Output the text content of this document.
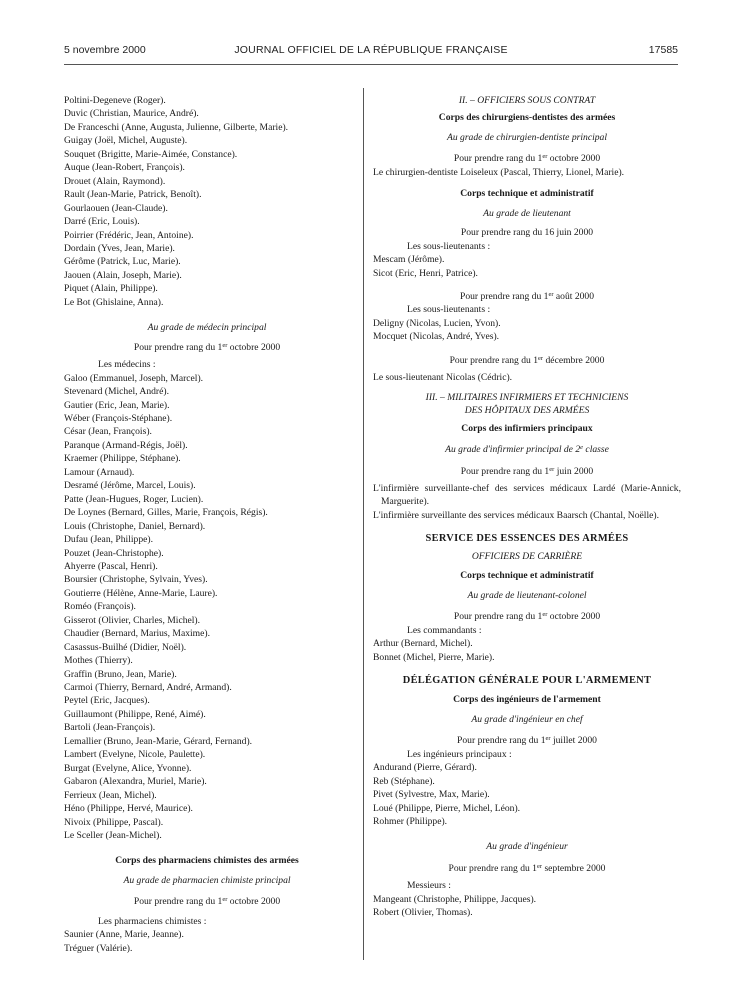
5 novembre 2000	JOURNAL OFFICIEL DE LA RÉPUBLIQUE FRANÇAISE	17585

Poltini-Degeneve (Roger).

Duvic (Christian, Maurice, André).

De Franceschi (Anne, Augusta, Julienne, Gilberte, Marie).

Guigay (Joël, Michel, Auguste).

Souquet (Brigitte, Marie-Aimée, Constance).

Auque (Jean-Robert, François).

Drouet (Alain, Raymond).

Rault (Jean-Marie, Patrick, Benoît).

Gourlaouen (Jean-Claude).

Darré (Eric, Louis).

Poirrier (Frédéric, Jean, Antoine).

Dordain (Yves, Jean, Marie).

Gérôme (Patrick, Luc, Marie).

Jaouen (Alain, Joseph, Marie).

Piquet (Alain, Philippe).

Le Bot (Ghislaine, Anna).

Au grade de médecin principal

Pour prendre rang du 1er octobre 2000

Les médecins :

Galoo (Emmanuel, Joseph, Marcel).

Stevenard (Michel, André).

Gautier (Eric, Jean, Marie).

Wéber (François-Stéphane).

César (Jean, François).

Paranque (Armand-Régis, Joël).

Kraemer (Philippe, Stéphane).

Lamour (Arnaud).

Desramé (Jérôme, Marcel, Louis).

Patte (Jean-Hugues, Roger, Lucien).

De Loynes (Bernard, Gilles, Marie, François, Régis).

Louis (Christophe, Daniel, Bernard).

Dufau (Jean, Philippe).

Pouzet (Jean-Christophe).

Ahyerre (Pascal, Henri).

Boursier (Christophe, Sylvain, Yves).

Goutierre (Hélène, Anne-Marie, Laure).

Roméo (François).

Gisserot (Olivier, Charles, Michel).

Chaudier (Bernard, Marius, Maxime).

Casassus-Builhé (Didier, Noël).

Mothes (Thierry).

Graffin (Bruno, Jean, Marie).

Carmoi (Thierry, Bernard, André, Armand).

Peytel (Eric, Jacques).

Guillaumont (Philippe, René, Aimé).

Bartoli (Jean-François).

Lemallier (Bruno, Jean-Marie, Gérard, Fernand).

Lambert (Evelyne, Nicole, Paulette).

Burgat (Evelyne, Alice, Yvonne).

Gabaron (Alexandra, Muriel, Marie).

Ferrieux (Jean, Michel).

Héno (Philippe, Hervé, Maurice).

Nivoix (Philippe, Pascal).

Le Sceller (Jean-Michel).

Corps des pharmaciens chimistes des armées

Au grade de pharmacien chimiste principal

Pour prendre rang du 1er octobre 2000

Les pharmaciens chimistes :

Saunier (Anne, Marie, Jeanne).

Tréguer (Valérie).

II. – OFFICIERS SOUS CONTRAT

Corps des chirurgiens-dentistes des armées

Au grade de chirurgien-dentiste principal

Pour prendre rang du 1er octobre 2000

Le chirurgien-dentiste Loiseleux (Pascal, Thierry, Lionel, Marie).

Corps technique et administratif

Au grade de lieutenant

Pour prendre rang du 16 juin 2000

Les sous-lieutenants :

Mescam (Jérôme).

Sicot (Eric, Henri, Patrice).

Pour prendre rang du 1er août 2000

Les sous-lieutenants :

Deligny (Nicolas, Lucien, Yvon).

Mocquet (Nicolas, André, Yves).

Pour prendre rang du 1er décembre 2000

Le sous-lieutenant Nicolas (Cédric).

III. – MILITAIRES INFIRMIERS ET TECHNICIENS

DES HÔPITAUX DES ARMÉES

Corps des infirmiers principaux

Au grade d'infirmier principal de 2e classe

Pour prendre rang du 1er juin 2000

L'infirmière surveillante-chef des services médicaux Lardé (Marie-Annick, Marguerite).

L'infirmière surveillante des services médicaux Baarsch (Chantal, Noëlle).

SERVICE DES ESSENCES DES ARMÉES

OFFICIERS DE CARRIÈRE

Corps technique et administratif

Au grade de lieutenant-colonel

Pour prendre rang du 1er octobre 2000

Les commandants :

Arthur (Bernard, Michel).

Bonnet (Michel, Pierre, Marie).

DÉLÉGATION GÉNÉRALE POUR L'ARMEMENT

Corps des ingénieurs de l'armement

Au grade d'ingénieur en chef

Pour prendre rang du 1er juillet 2000

Les ingénieurs principaux :

Andurand (Pierre, Gérard).

Reb (Stéphane).

Pivet (Sylvestre, Max, Marie).

Loué (Philippe, Pierre, Michel, Léon).

Rohmer (Philippe).

Au grade d'ingénieur

Pour prendre rang du 1er septembre 2000

Messieurs :

Mangeant (Christophe, Philippe, Jacques).

Robert (Olivier, Thomas).
